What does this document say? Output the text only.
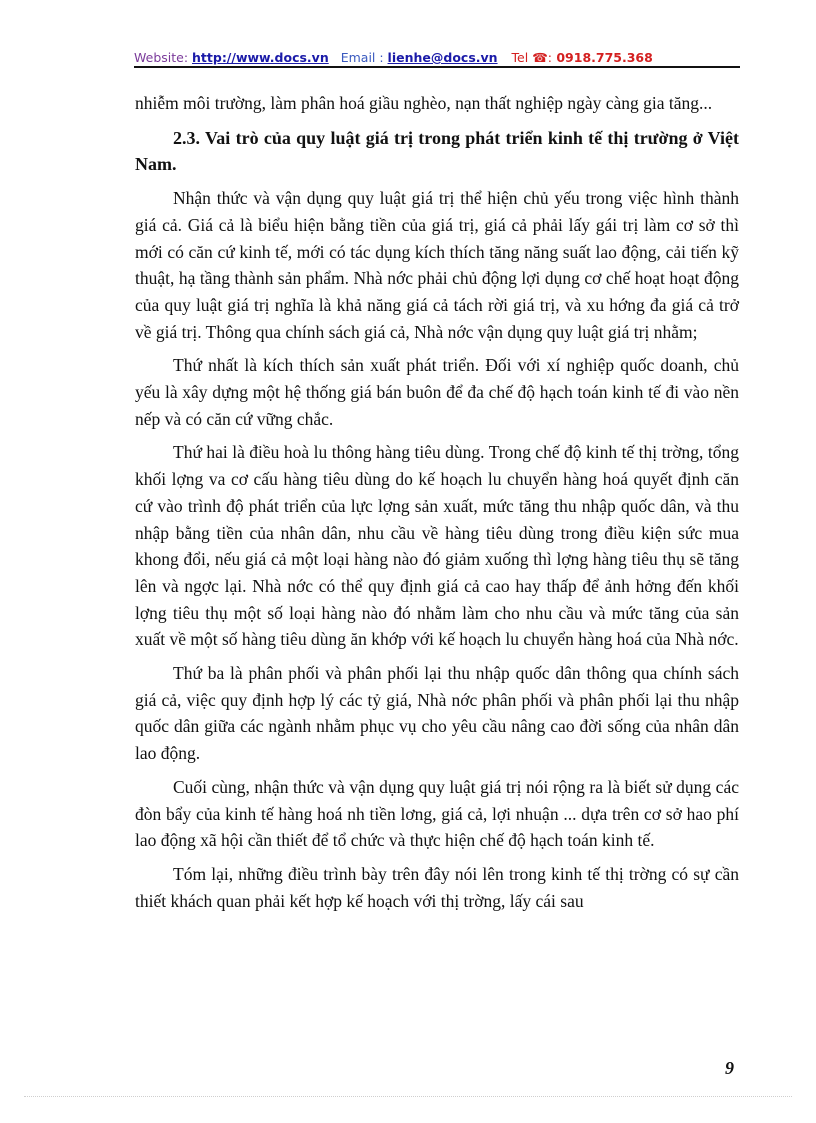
Website: http://www.docs.vn Email : lienhe@docs.vn Tel ☎: 0918.775.368

nhiễm môi trường, làm phân hoá giầu nghèo, nạn thất nghiệp ngày càng gia tăng...

2.3. Vai trò của quy luật giá trị trong phát triển kinh tế thị trường ở Việt Nam.

Nhận thức và vận dụng quy luật giá trị thể hiện chủ yếu trong việc hình thành giá cả. Giá cả là biểu hiện bằng tiền của giá trị, giá cả phải lấy gái trị làm cơ sở thì mới có căn cứ kinh tế, mới có tác dụng kích thích tăng năng suất lao động, cải tiến kỹ thuật, hạ tầng thành sản phẩm. Nhà nớc phải chủ động lợi dụng cơ chế hoạt hoạt động của quy luật giá trị nghĩa là khả năng giá cả tách rời giá trị, và xu hớng đa giá cả trở về giá trị. Thông qua chính sách giá cả, Nhà nớc vận dụng quy luật giá trị nhằm;

Thứ nhất là kích thích sản xuất phát triển. Đối với xí nghiệp quốc doanh, chủ yếu là xây dựng một hệ thống giá bán buôn để đa chế độ hạch toán kinh tế đi vào nền nếp và có căn cứ vững chắc.

Thứ hai là điều hoà lu thông hàng tiêu dùng. Trong chế độ kinh tế thị trờng, tổng khối lợng va cơ cấu hàng tiêu dùng do kế hoạch lu chuyển hàng hoá quyết định căn cứ vào trình độ phát triển của lực lợng sản xuất, mức tăng thu nhập quốc dân, và thu nhập bằng tiền của nhân dân, nhu cầu về hàng tiêu dùng trong điều kiện sức mua khong đổi, nếu giá cả một loại hàng nào đó giảm xuống thì lợng hàng tiêu thụ sẽ tăng lên và ngợc lại. Nhà nớc có thể quy định giá cả cao hay thấp để ảnh hởng đến khối lợng tiêu thụ một số loại hàng nào đó nhằm làm cho nhu cầu và mức tăng của sản xuất về một số hàng tiêu dùng ăn khớp với kế hoạch lu chuyển hàng hoá của Nhà nớc.

Thứ ba là phân phối và phân phối lại thu nhập quốc dân thông qua chính sách giá cả, việc quy định hợp lý các tỷ giá, Nhà nớc phân phối và phân phối lại thu nhập quốc dân giữa các ngành nhằm phục vụ cho yêu cầu nâng cao đời sống của nhân dân lao động.

Cuối cùng, nhận thức và vận dụng quy luật giá trị nói rộng ra là biết sử dụng các đòn bẩy của kinh tế hàng hoá nh tiền lơng, giá cả, lợi nhuận ... dựa trên cơ sở hao phí lao động xã hội cần thiết để tổ chức và thực hiện chế độ hạch toán kinh tế.

Tóm lại, những điều trình bày trên đây nói lên trong kinh tế thị trờng có sự cần thiết khách quan phải kết hợp kế hoạch với thị trờng, lấy cái sau

9
